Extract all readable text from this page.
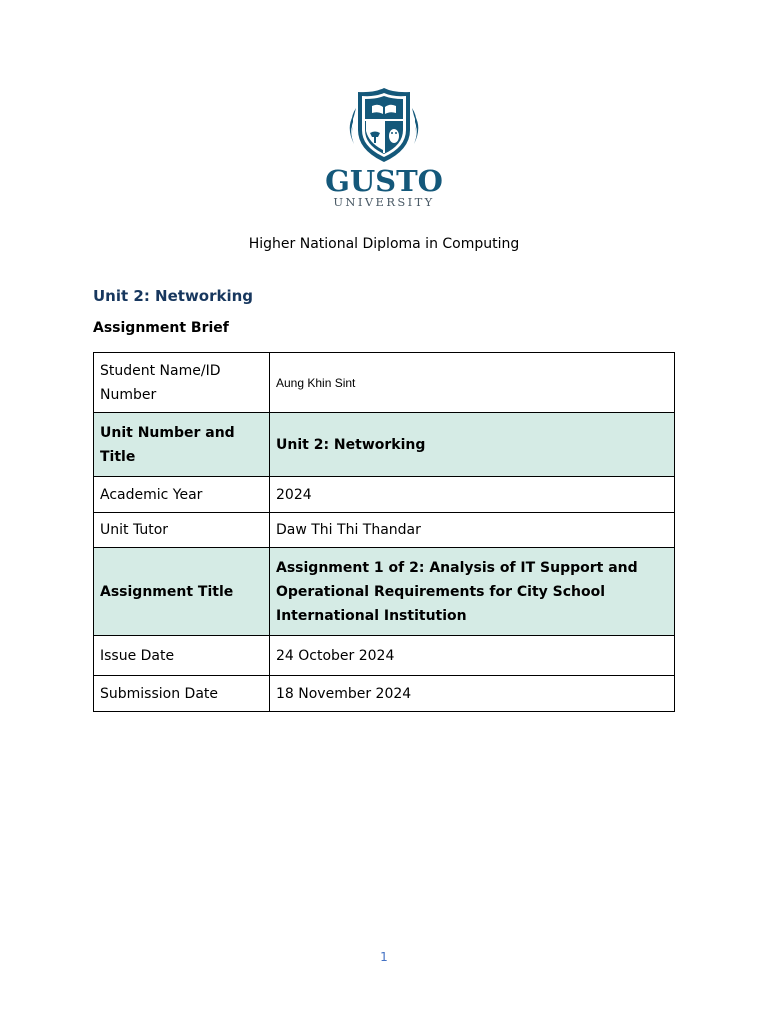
GUSTO
UNIVERSITY
Higher National Diploma in Computing
Unit 2: Networking
Assignment Brief
Student Name/ID Number	Aung Khin Sint
Unit Number and Title	Unit 2: Networking
Academic Year	2024
Unit Tutor	Daw Thi Thi Thandar
Assignment Title	Assignment 1 of 2: Analysis of IT Support and Operational Requirements for City School International Institution
Issue Date	24 October 2024
Submission Date	18 November 2024
1
